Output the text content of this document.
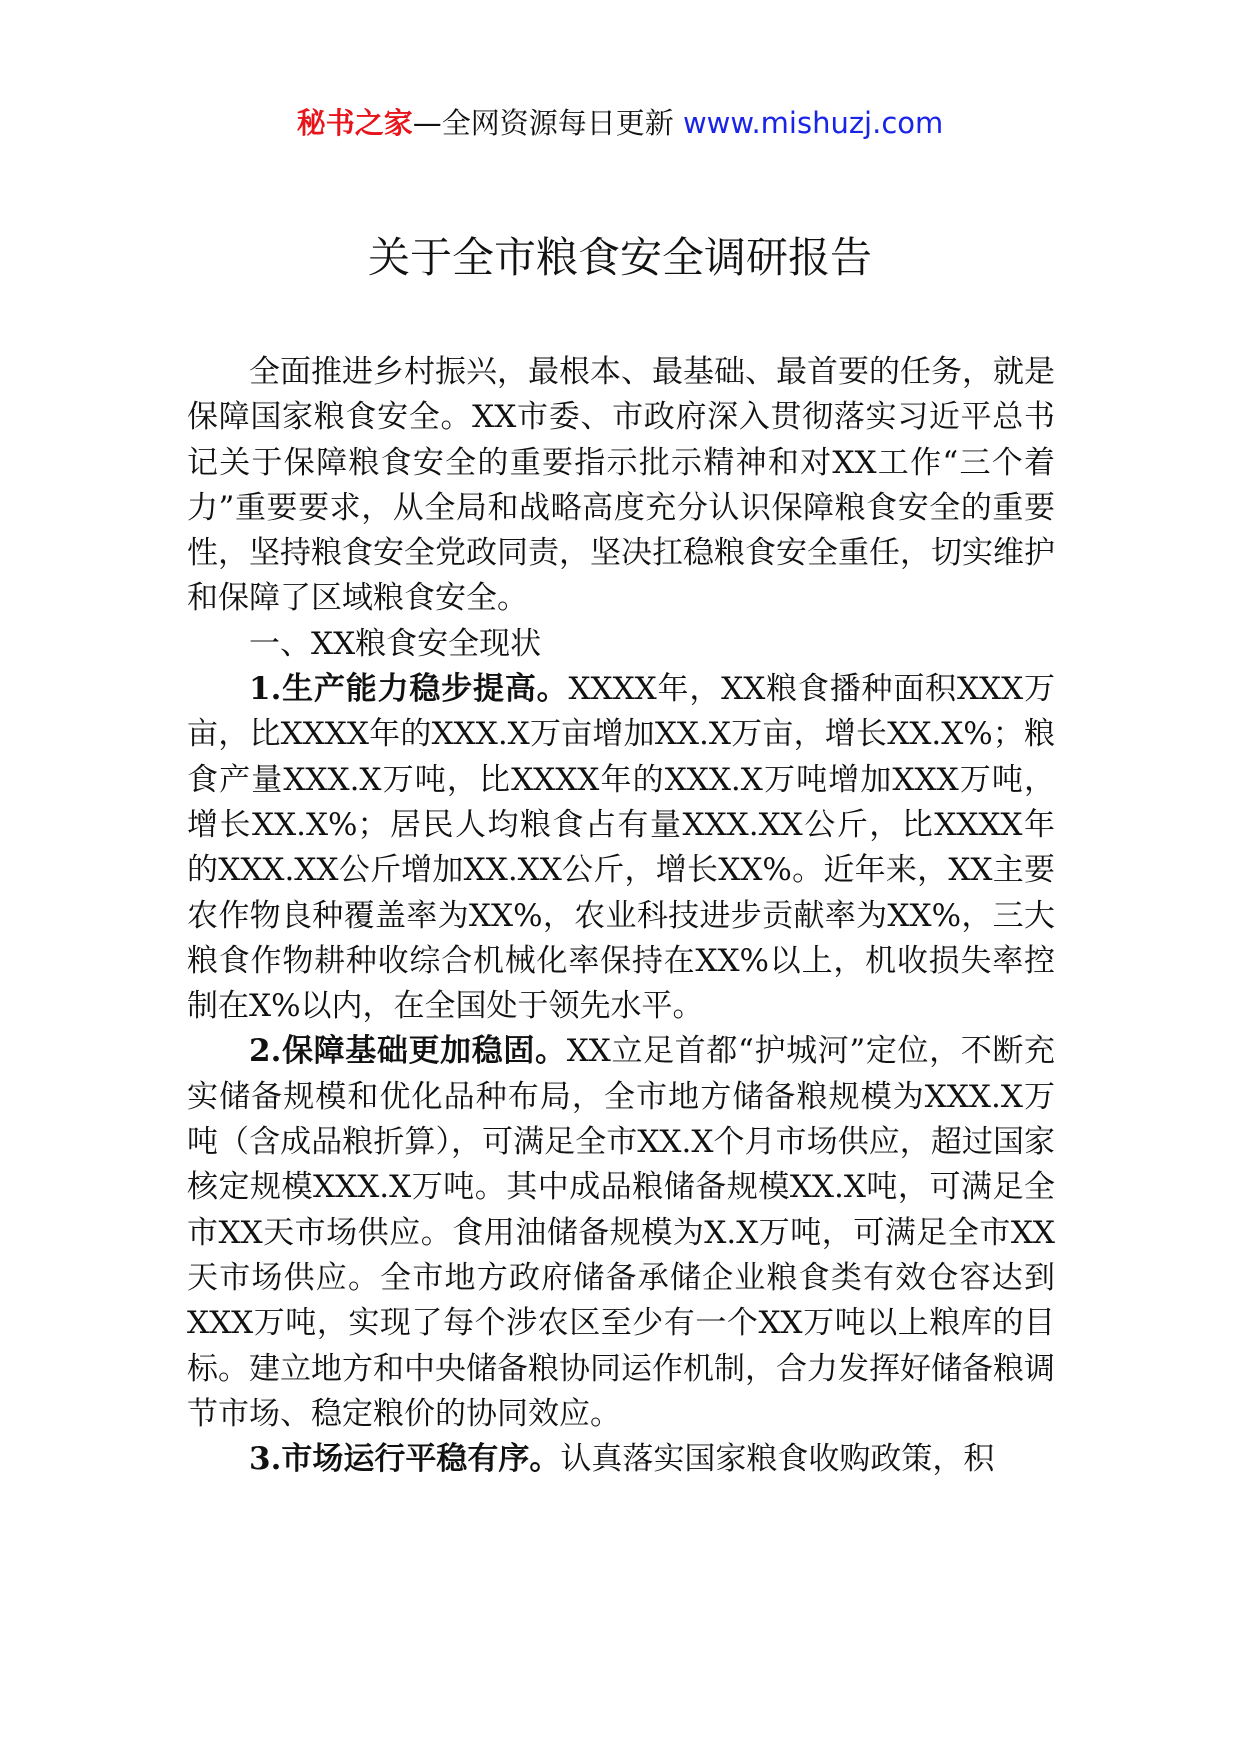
秘书之家—全网资源每日更新 www.mishuzj.com
关于全市粮食安全调研报告

全面推进乡村振兴，最根本、最基础、最首要的任务，就是保障国家粮食安全。XX市委、市政府深入贯彻落实习近平总书记关于保障粮食安全的重要指示批示精神和对XX工作“三个着力”重要要求，从全局和战略高度充分认识保障粮食安全的重要性，坚持粮食安全党政同责，坚决扛稳粮食安全重任，切实维护和保障了区域粮食安全。

一、XX粮食安全现状

1.生产能力稳步提高。XXXX年，XX粮食播种面积XXX万亩，比XXXX年的XXX.X万亩增加XX.X万亩，增长XX.X%；粮食产量XXX.X万吨，比XXXX年的XXX.X万吨增加XXX万吨，增长XX.X%；居民人均粮食占有量XXX.XX公斤，比XXXX年的XXX.XX公斤增加XX.XX公斤，增长XX%。近年来，XX主要农作物良种覆盖率为XX%，农业科技进步贡献率为XX%，三大粮食作物耕种收综合机械化率保持在XX%以上，机收损失率控制在X%以内，在全国处于领先水平。

2.保障基础更加稳固。XX立足首都“护城河”定位，不断充实储备规模和优化品种布局，全市地方储备粮规模为XXX.X万吨（含成品粮折算），可满足全市XX.X个月市场供应，超过国家核定规模XXX.X万吨。其中成品粮储备规模XX.X吨，可满足全市XX天市场供应。食用油储备规模为X.X万吨，可满足全市XX天市场供应。全市地方政府储备承储企业粮食类有效仓容达到XXX万吨，实现了每个涉农区至少有一个XX万吨以上粮库的目标。建立地方和中央储备粮协同运作机制，合力发挥好储备粮调节市场、稳定粮价的协同效应。

3.市场运行平稳有序。认真落实国家粮食收购政策，积
